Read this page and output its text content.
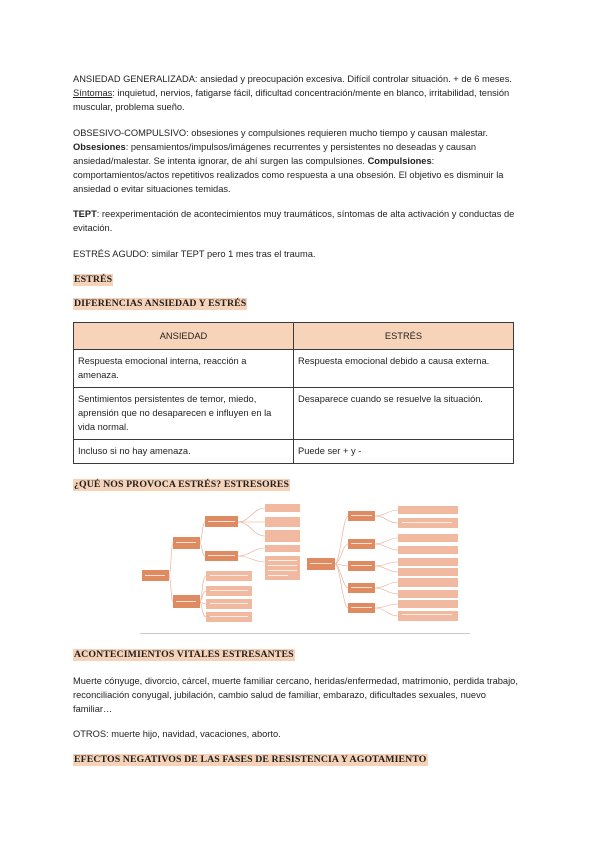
ANSIEDAD GENERALIZADA: ansiedad y preocupación excesiva. Difícil controlar situación. + de 6 meses. Síntomas: inquietud, nervios, fatigarse fácil, dificultad concentración/mente en blanco, irritabilidad, tensión muscular, problema sueño.
OBSESIVO-COMPULSIVO: obsesiones y compulsiones requieren mucho tiempo y causan malestar. Obsesiones: pensamientos/impulsos/imágenes recurrentes y persistentes no deseadas y causan ansiedad/malestar. Se intenta ignorar, de ahí surgen las compulsiones. Compulsiones: comportamientos/actos repetitivos realizados como respuesta a una obsesión. El objetivo es disminuir la ansiedad o evitar situaciones temidas.
TEPT: reexperimentación de acontecimientos muy traumáticos, síntomas de alta activación y conductas de evitación.
ESTRÉS AGUDO: similar TEPT pero 1 mes tras el trauma.
ESTRÉS
DIFERENCIAS ANSIEDAD Y ESTRÉS
ANSIEDAD	ESTRÉS
Respuesta emocional interna, reacción a amenaza.	Respuesta emocional debido a causa externa.
Sentimientos persistentes de temor, miedo, aprensión que no desaparecen e influyen en la vida normal.	Desaparece cuando se resuelve la situación.
Incluso si no hay amenaza.	Puede ser + y -
¿QUÉ NOS PROVOCA ESTRÉS? ESTRESORES
ACONTECIMIENTOS VITALES ESTRESANTES
Muerte cónyuge, divorcio, cárcel, muerte familiar cercano, heridas/enfermedad, matrimonio, perdida trabajo, reconciliación conyugal, jubilación, cambio salud de familiar, embarazo, dificultades sexuales, nuevo familiar…
OTROS: muerte hijo, navidad, vacaciones, aborto.
EFECTOS NEGATIVOS DE LAS FASES DE RESISTENCIA Y AGOTAMIENTO
